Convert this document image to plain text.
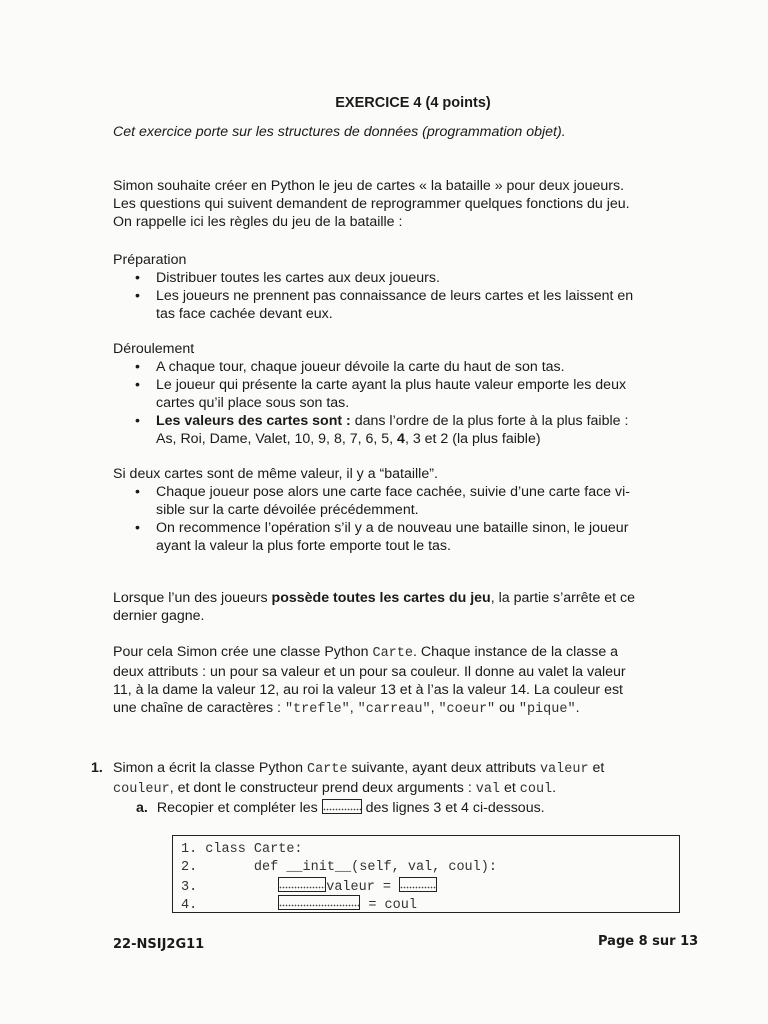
EXERCICE 4 (4 points)
Cet exercice porte sur les structures de données (programmation objet).

Simon souhaite créer en Python le jeu de cartes « la bataille » pour deux joueurs.

Les questions qui suivent demandent de reprogrammer quelques fonctions du jeu.

On rappelle ici les règles du jeu de la bataille :

Préparation
• Distribuer toutes les cartes aux deux joueurs.
• Les joueurs ne prennent pas connaissance de leurs cartes et les laissent en
tas face cachée devant eux.
Déroulement
• A chaque tour, chaque joueur dévoile la carte du haut de son tas.
• Le joueur qui présente la carte ayant la plus haute valeur emporte les deux
cartes qu’il place sous son tas.
• Les valeurs des cartes sont : dans l’ordre de la plus forte à la plus faible :
As, Roi, Dame, Valet, 10, 9, 8, 7, 6, 5, 4, 3 et 2 (la plus faible)
Si deux cartes sont de même valeur, il y a “bataille”.
• Chaque joueur pose alors une carte face cachée, suivie d’une carte face vi-
sible sur la carte dévoilée précédemment.
• On recommence l’opération s’il y a de nouveau une bataille sinon, le joueur
ayant la valeur la plus forte emporte tout le tas.
Lorsque l’un des joueurs possède toutes les cartes du jeu, la partie s’arrête et ce
dernier gagne.
Pour cela Simon crée une classe Python Carte. Chaque instance de la classe a
deux attributs : un pour sa valeur et un pour sa couleur. Il donne au valet la valeur
11, à la dame la valeur 12, au roi la valeur 13 et à l’as la valeur 14. La couleur est
une chaîne de caractères : "trefle", "carreau", "coeur" ou "pique".
1. Simon a écrit la classe Python Carte suivante, ayant deux attributs valeur et
couleur, et dont le constructeur prend deux arguments : val et coul.
a. Recopier et compléter les	des lignes 3 et 4 ci-dessous.
1. class Carte:
2.       def __init__(self, val, coul):
3.	valeur =
4.	= coul
22-NSIJ2G11	Page 8 sur 13
